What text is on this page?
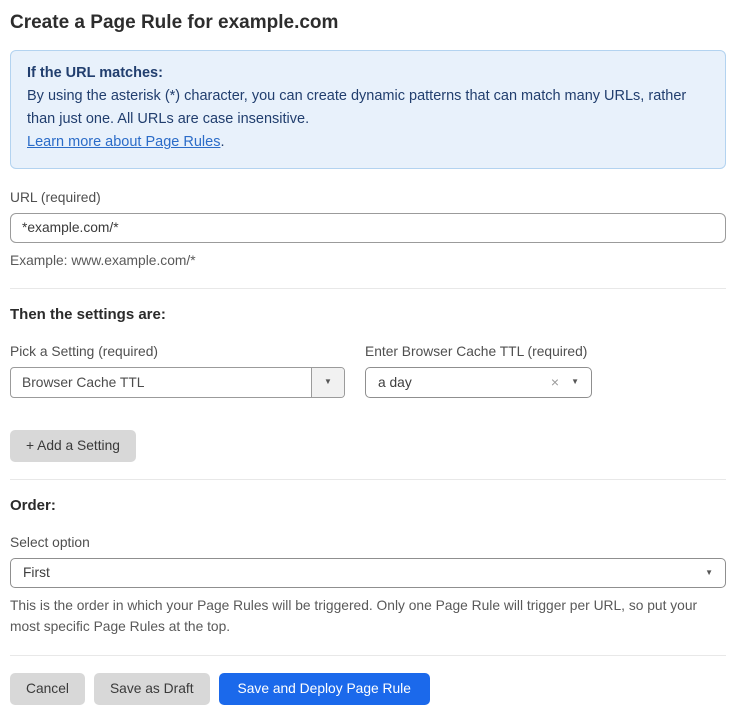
Create a Page Rule for example.com
If the URL matches:
By using the asterisk (*) character, you can create dynamic patterns that can match many URLs, rather than just one. All URLs are case insensitive.
Learn more about Page Rules.
URL (required)
*example.com/*
Example: www.example.com/*
Then the settings are:
Pick a Setting (required)
Browser Cache TTL	▼
Enter Browser Cache TTL (required)
a day	× ▼
+ Add a Setting
Order:
Select option
First	▼
This is the order in which your Page Rules will be triggered. Only one Page Rule will trigger per URL, so put your most specific Page Rules at the top.
Cancel	Save as Draft	Save and Deploy Page Rule
